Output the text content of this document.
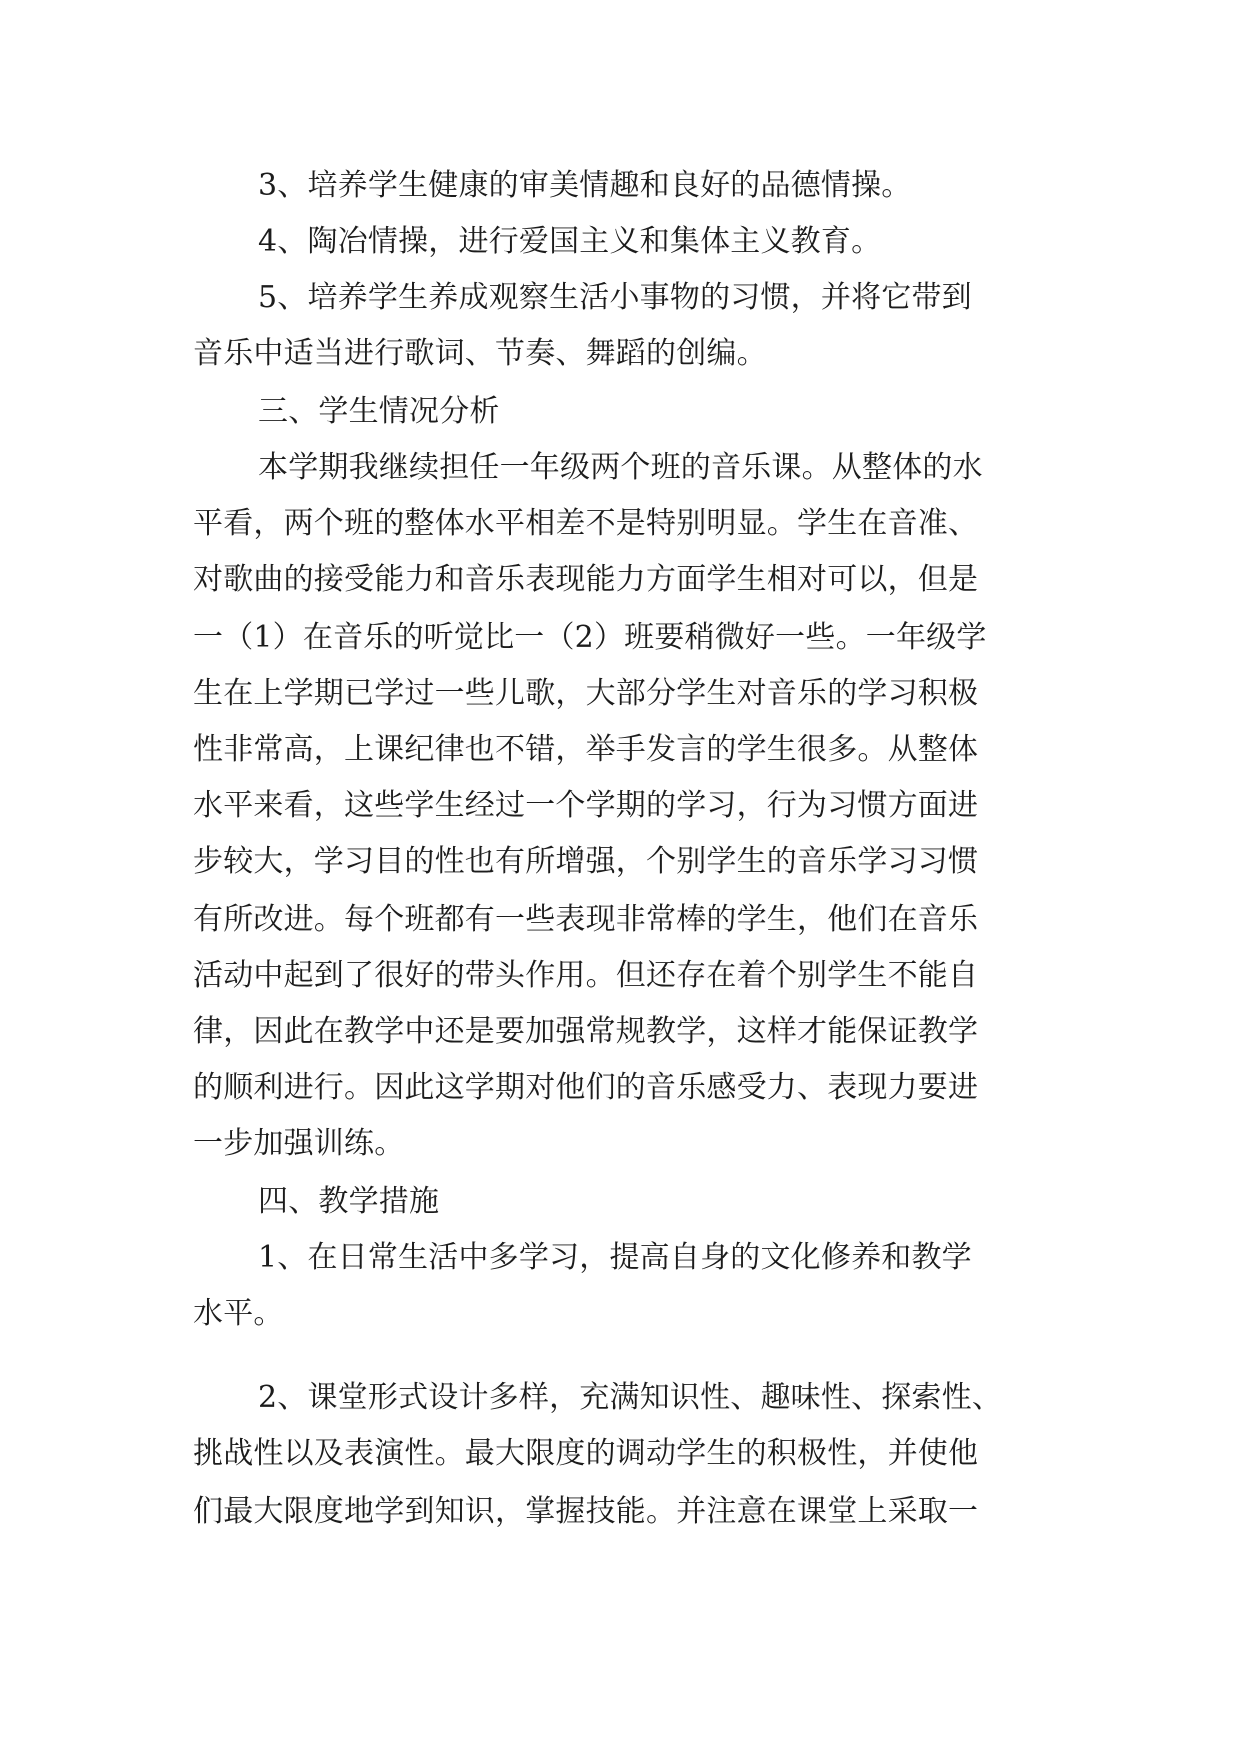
3、培养学生健康的审美情趣和良好的品德情操。
4、陶冶情操，进行爱国主义和集体主义教育。
5、培养学生养成观察生活小事物的习惯，并将它带到
音乐中适当进行歌词、节奏、舞蹈的创编。
三、学生情况分析
本学期我继续担任一年级两个班的音乐课。从整体的水
平看，两个班的整体水平相差不是特别明显。学生在音准、
对歌曲的接受能力和音乐表现能力方面学生相对可以，但是
一（1）在音乐的听觉比一（2）班要稍微好一些。一年级学
生在上学期已学过一些儿歌，大部分学生对音乐的学习积极
性非常高，上课纪律也不错，举手发言的学生很多。从整体
水平来看，这些学生经过一个学期的学习，行为习惯方面进
步较大，学习目的性也有所增强，个别学生的音乐学习习惯
有所改进。每个班都有一些表现非常棒的学生，他们在音乐
活动中起到了很好的带头作用。但还存在着个别学生不能自
律，因此在教学中还是要加强常规教学，这样才能保证教学
的顺利进行。因此这学期对他们的音乐感受力、表现力要进
一步加强训练。
四、教学措施
1、在日常生活中多学习，提高自身的文化修养和教学
水平。
2、课堂形式设计多样，充满知识性、趣味性、探索性、
挑战性以及表演性。最大限度的调动学生的积极性，并使他
们最大限度地学到知识，掌握技能。并注意在课堂上采取一
